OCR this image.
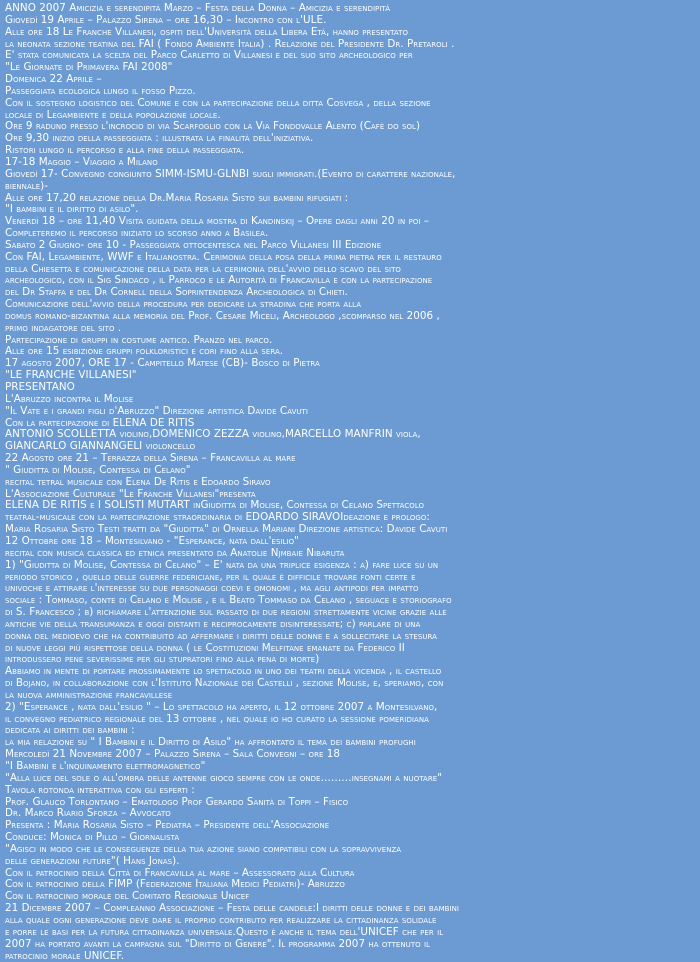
ANNO 2007 Amicizia e serendipità Marzo – Festa della Donna – Amicizia e serendipità
Giovedì 19 Aprile – Palazzo Sirena – ore 16,30 – Incontro con l'ULE.
Alle ore 18 Le Franche Villanesi, ospiti dell'Università della Libera Età, hanno presentato
la neonata sezione teatina del FAI ( Fondo Ambiente Italia) . Relazione del Presidente Dr. Pretaroli .
E' stata comunicata la scelta del Parco Carletto di Villanesi e del suo sito archeologico per
"Le Giornate di Primavera FAI 2008"
Domenica 22 Aprile –
Passeggiata ecologica lungo il fosso Pizzo.
Con il sostegno logistico del Comune e con la partecipazione della ditta Cosvega , della sezione
locale di Legambiente e della popolazione locale.
Ore 9 raduno presso l'incrocio di via Scarfoglio con la Via Fondovalle Alento (Cafè do sol)
Ore 9,30 inizio della passeggiata : illustrata la finalità dell'iniziativa.
Ristori lungo il percorso e alla fine della passeggiata.
17-18 Maggio – Viaggio a Milano
Giovedì 17- Convegno congiunto SIMM-ISMU-GLNBI sugli immigrati.(Evento di carattere nazionale,
biennale)-
Alle ore 17,20 relazione della Dr.Maria Rosaria Sisto sui bambini rifugiati :
"I bambini e il diritto di asilo".
Venerdì 18 – ore 11,40 Visita guidata della mostra di Kandinskij – Opere dagli anni 20 in poi –
Completeremo il percorso iniziato lo scorso anno a Basilea.
Sabato 2 Giugno- ore 10 - Passeggiata ottocentesca nel Parco Villanesi III Edizione
Con FAI, Legambiente, WWF e Italianostra. Cerimonia della posa della prima pietra per il restauro
della Chiesetta e comunicazione della data per la cerimonia dell'avvio dello scavo del sito
archeologico, con il Sig Sindaco , il Parroco e le Autorità di Francavilla e con la partecipazione
del Dr Staffa e del Dr Cornell della Soprintendenza Archeologica di Chieti.
Comunicazione dell'avvio della procedura per dedicare la stradina che porta alla
domus romano-bizantina alla memoria del Prof. Cesare Miceli, Archeologo ,scomparso nel 2006 ,
primo indagatore del sito .
Partecipazione di gruppi in costume antico. Pranzo nel parco.
Alle ore 15 esibizione gruppi folkloristici e cori fino alla sera.
17 agosto 2007, ORE 17 - Campitello Matese (CB)- Bosco di Pietra
"LE FRANCHE VILLANESI"
PRESENTANO
L'Abruzzo incontra il Molise
"Il Vate e i grandi figli d'Abruzzo" Direzione artistica Davide Cavuti
Con la partecipazione di ELENA DE RITIS
ANTONIO SCOLLETTA violino,DOMENICO ZEZZA violino,MARCELLO MANFRIN viola,
GIANCARLO GIANNANGELI violoncello
22 Agosto ore 21 – Terrazza della Sirena – Francavilla al mare
" Giuditta di Molise, Contessa di Celano"
recital tetral musicale con Elena De Ritis e Edoardo Siravo
L'Associazione Culturale "Le Franche Villanesi"presenta
ELENA DE RITIS e I SOLISTI MUTART inGiuditta di Molise, Contessa di Celano Spettacolo
teatral-musicale con la partecipazione straordinaria di EDOARDO SIRAVOIdeazione e prologo:
Maria Rosaria Sisto Testi tratti da "Giuditta" di Ornella Mariani Direzione artistica: Davide Cavuti
12 Ottobre ore 18 – Montesilvano - "Esperance, nata dall'esilio"
recital con musica classica ed etnica presentato da Anatolie Njmbaie Nibaruta
1) "Giuditta di Molise, Contessa di Celano" – E' nata da una triplice esigenza : a) fare luce su un
periodo storico , quello delle guerre federiciane, per il quale è difficile trovare fonti certe e
univoche e attirare l'interesse su due personaggi coevi e omonomi , ma agli antipodi per impatto
sociale : Tommaso, conte di Celano e Molise , e il Beato Tommaso da Celano , seguace e storiografo
di S. Francesco ; b) richiamare l'attenzione sul passato di due regioni strettamente vicine grazie alle
antiche vie della transumanza e oggi distanti e reciprocamente disinteressate; c) parlare di una
donna del medioevo che ha contribuito ad affermare i diritti delle donne e a sollecitare la stesura
di nuove leggi più rispettose della donna ( le Costituzioni Melfitane emanate da Federico II
introdussero pene severissime per gli stupratori fino alla pena di morte)
Abbiamo in mente di portare prossimamente lo spettacolo in uno dei teatri della vicenda , il castello
di Bojano, in collaborazione con l'Istituto Nazionale dei Castelli , sezione Molise, e, speriamo, con
la nuova amministrazione francavillese
2) "Esperance , nata dall'esilio " – Lo spettacolo ha aperto, il 12 ottobre 2007 a Montesilvano,
il convegno pediatrico regionale del 13 ottobre , nel quale io ho curato la sessione pomeridiana
dedicata ai diritti dei bambini :
la mia relazione su " I Bambini e il Diritto di Asilo" ha affrontato il tema dei bambini profughi
Mercoledì 21 Novembre 2007 – Palazzo Sirena – Sala Convegni – ore 18
"I Bambini e l'inquinamento elettromagnetico"
"Alla luce del sole o all'ombra delle antenne gioco sempre con le onde………insegnami a nuotare"
Tavola rotonda interattiva con gli esperti :
Prof. Glauco Torlontano – Ematologo Prof Gerardo Sanità di Toppi – Fisico
Dr. Marco Riario Sforza – Avvocato
Presenta : Maria Rosaria Sisto – Pediatra – Presidente dell'Associazione
Conduce: Monica di Pillo – Giornalista
"Agisci in modo che le conseguenze della tua azione siano compatibili con la sopravvivenza
delle generazioni future"( Hans Jonas).
Con il patrocinio della Città di Francavilla al mare – Assessorato alla Cultura
Con il patrocinio della FIMP (Federazione Italiana Medici Pediatri)- Abruzzo
Con il patrocinio morale del Comitato Regionale Unicef
21 Dicembre 2007 – Compleanno Associazione – Festa delle candele:I diritti delle donne e dei bambini
alla quale ogni generazione deve dare il proprio contributo per realizzare la cittadinanza solidale
e porre le basi per la futura cittadinanza universale.Questo è anche il tema dell'UNICEF che per il
2007 ha portato avanti la campagna sul "Diritto di Genere". Il programma 2007 ha ottenuto il
patrocinio morale UNICEF.
